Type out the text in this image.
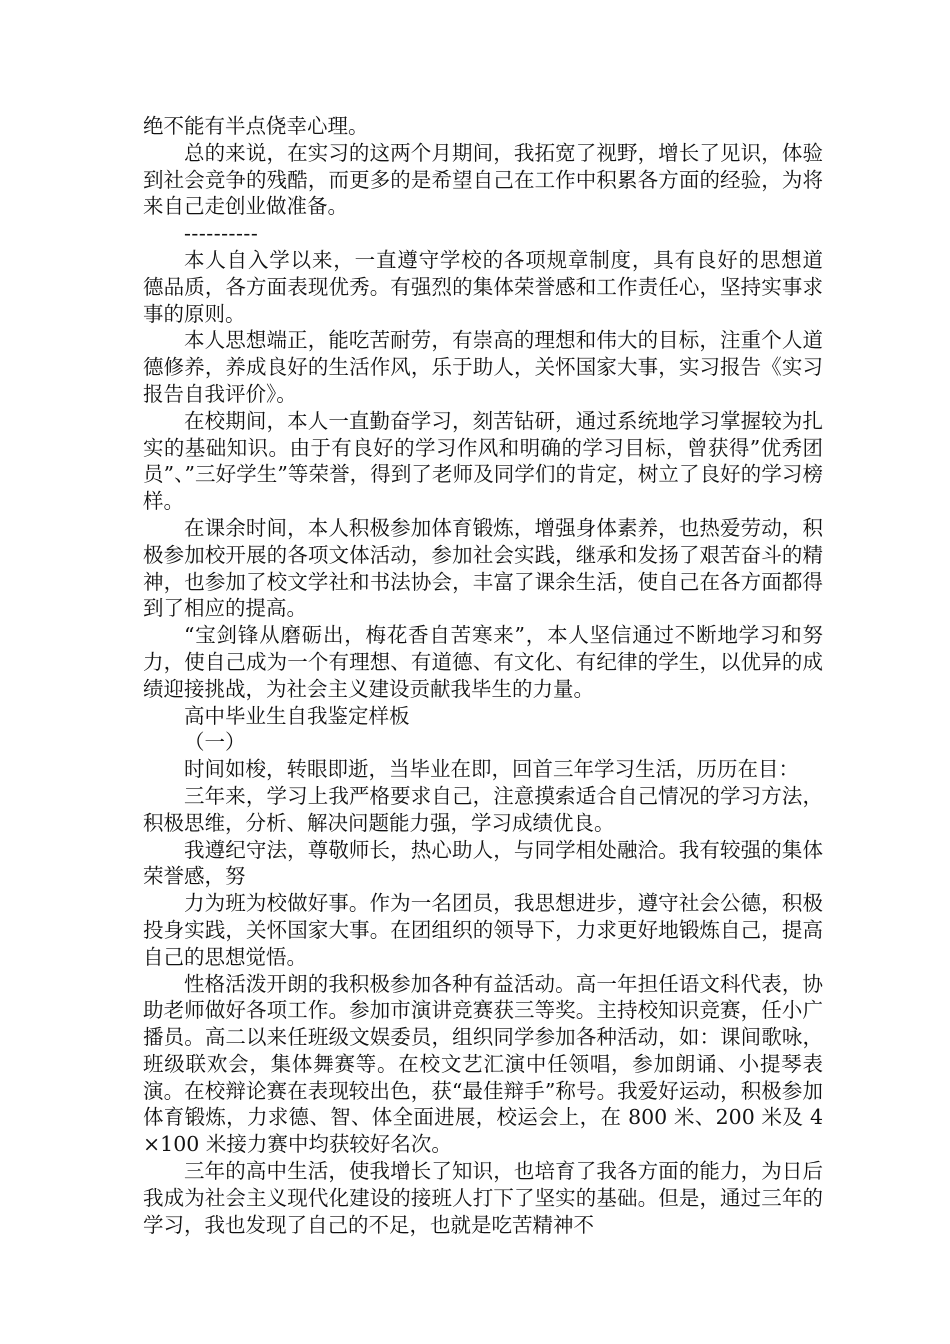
绝不能有半点侥幸心理。

总的来说，在实习的这两个月期间，我拓宽了视野，增长了见识，体验到社会竞争的残酷，而更多的是希望自己在工作中积累各方面的经验，为将来自己走创业做准备。

----------

本人自入学以来，一直遵守学校的各项规章制度，具有良好的思想道　德品质，各方面表现优秀。有强烈的集体荣誉感和工作责任心，坚持实事求事的原则。

本人思想端正，能吃苦耐劳，有崇高的理想和伟大的目标，注重个人道德修养，养成良好的生活作风，乐于助人，关怀国家大事，实习报告《实习报告自我评价》。

在校期间，本人一直勤奋学习，刻苦钻研，通过系统地学习掌握较为扎实的基础知识。由于有良好的学习作风和明确的学习目标，曾获得”优秀团员”、”三好学生”等荣誉，得到了老师及同学们的肯定，树立了良好的学习榜样。

在课余时间，本人积极参加体育锻炼，增强身体素养，也热爱劳动，积极参加校开展的各项文体活动，参加社会实践，继承和发扬了艰苦奋斗的精神，也参加了校文学社和书法协会，丰富了课余生活，使自己在各方面都得到了相应的提高。

“宝剑锋从磨砺出，梅花香自苦寒来”，本人坚信通过不断地学习和努力，使自己成为一个有理想、有道德、有文化、有纪律的学生，以优异的成绩迎接挑战，为社会主义建设贡献我毕生的力量。

高中毕业生自我鉴定样板

（一）

时间如梭，转眼即逝，当毕业在即，回首三年学习生活，历历在目：

三年来，学习上我严格要求自己，注意摸索适合自己情况的学习方法，积极思维，分析、解决问题能力强，学习成绩优良。

我遵纪守法，尊敬师长，热心助人，与同学相处融洽。我有较强的集体荣誉感，努

力为班为校做好事。作为一名团员，我思想进步，遵守社会公德，积极投身实践，关怀国家大事。在团组织的领导下，力求更好地锻炼自己，提高自己的思想觉悟。

性格活泼开朗的我积极参加各种有益活动。高一年担任语文科代表，协助老师做好各项工作。参加市演讲竞赛获三等奖。主持校知识竞赛，任小广播员。高二以来任班级文娱委员，组织同学参加各种活动，如：课间歌咏，班级联欢会，集体舞赛等。在校文艺汇演中任领唱，参加朗诵、小提琴表演。在校辩论赛在表现较出色，获“最佳辩手”称号。我爱好运动，积极参加体育锻炼，力求德、智、体全面进展，校运会上，在 800 米、200 米及 4×100 米接力赛中均获较好名次。

三年的高中生活，使我增长了知识，也培育了我各方面的能力，为日后我成为社会主义现代化建设的接班人打下了坚实的基础。但是，通过三年的学习，我也发现了自己的不足，也就是吃苦精神不
